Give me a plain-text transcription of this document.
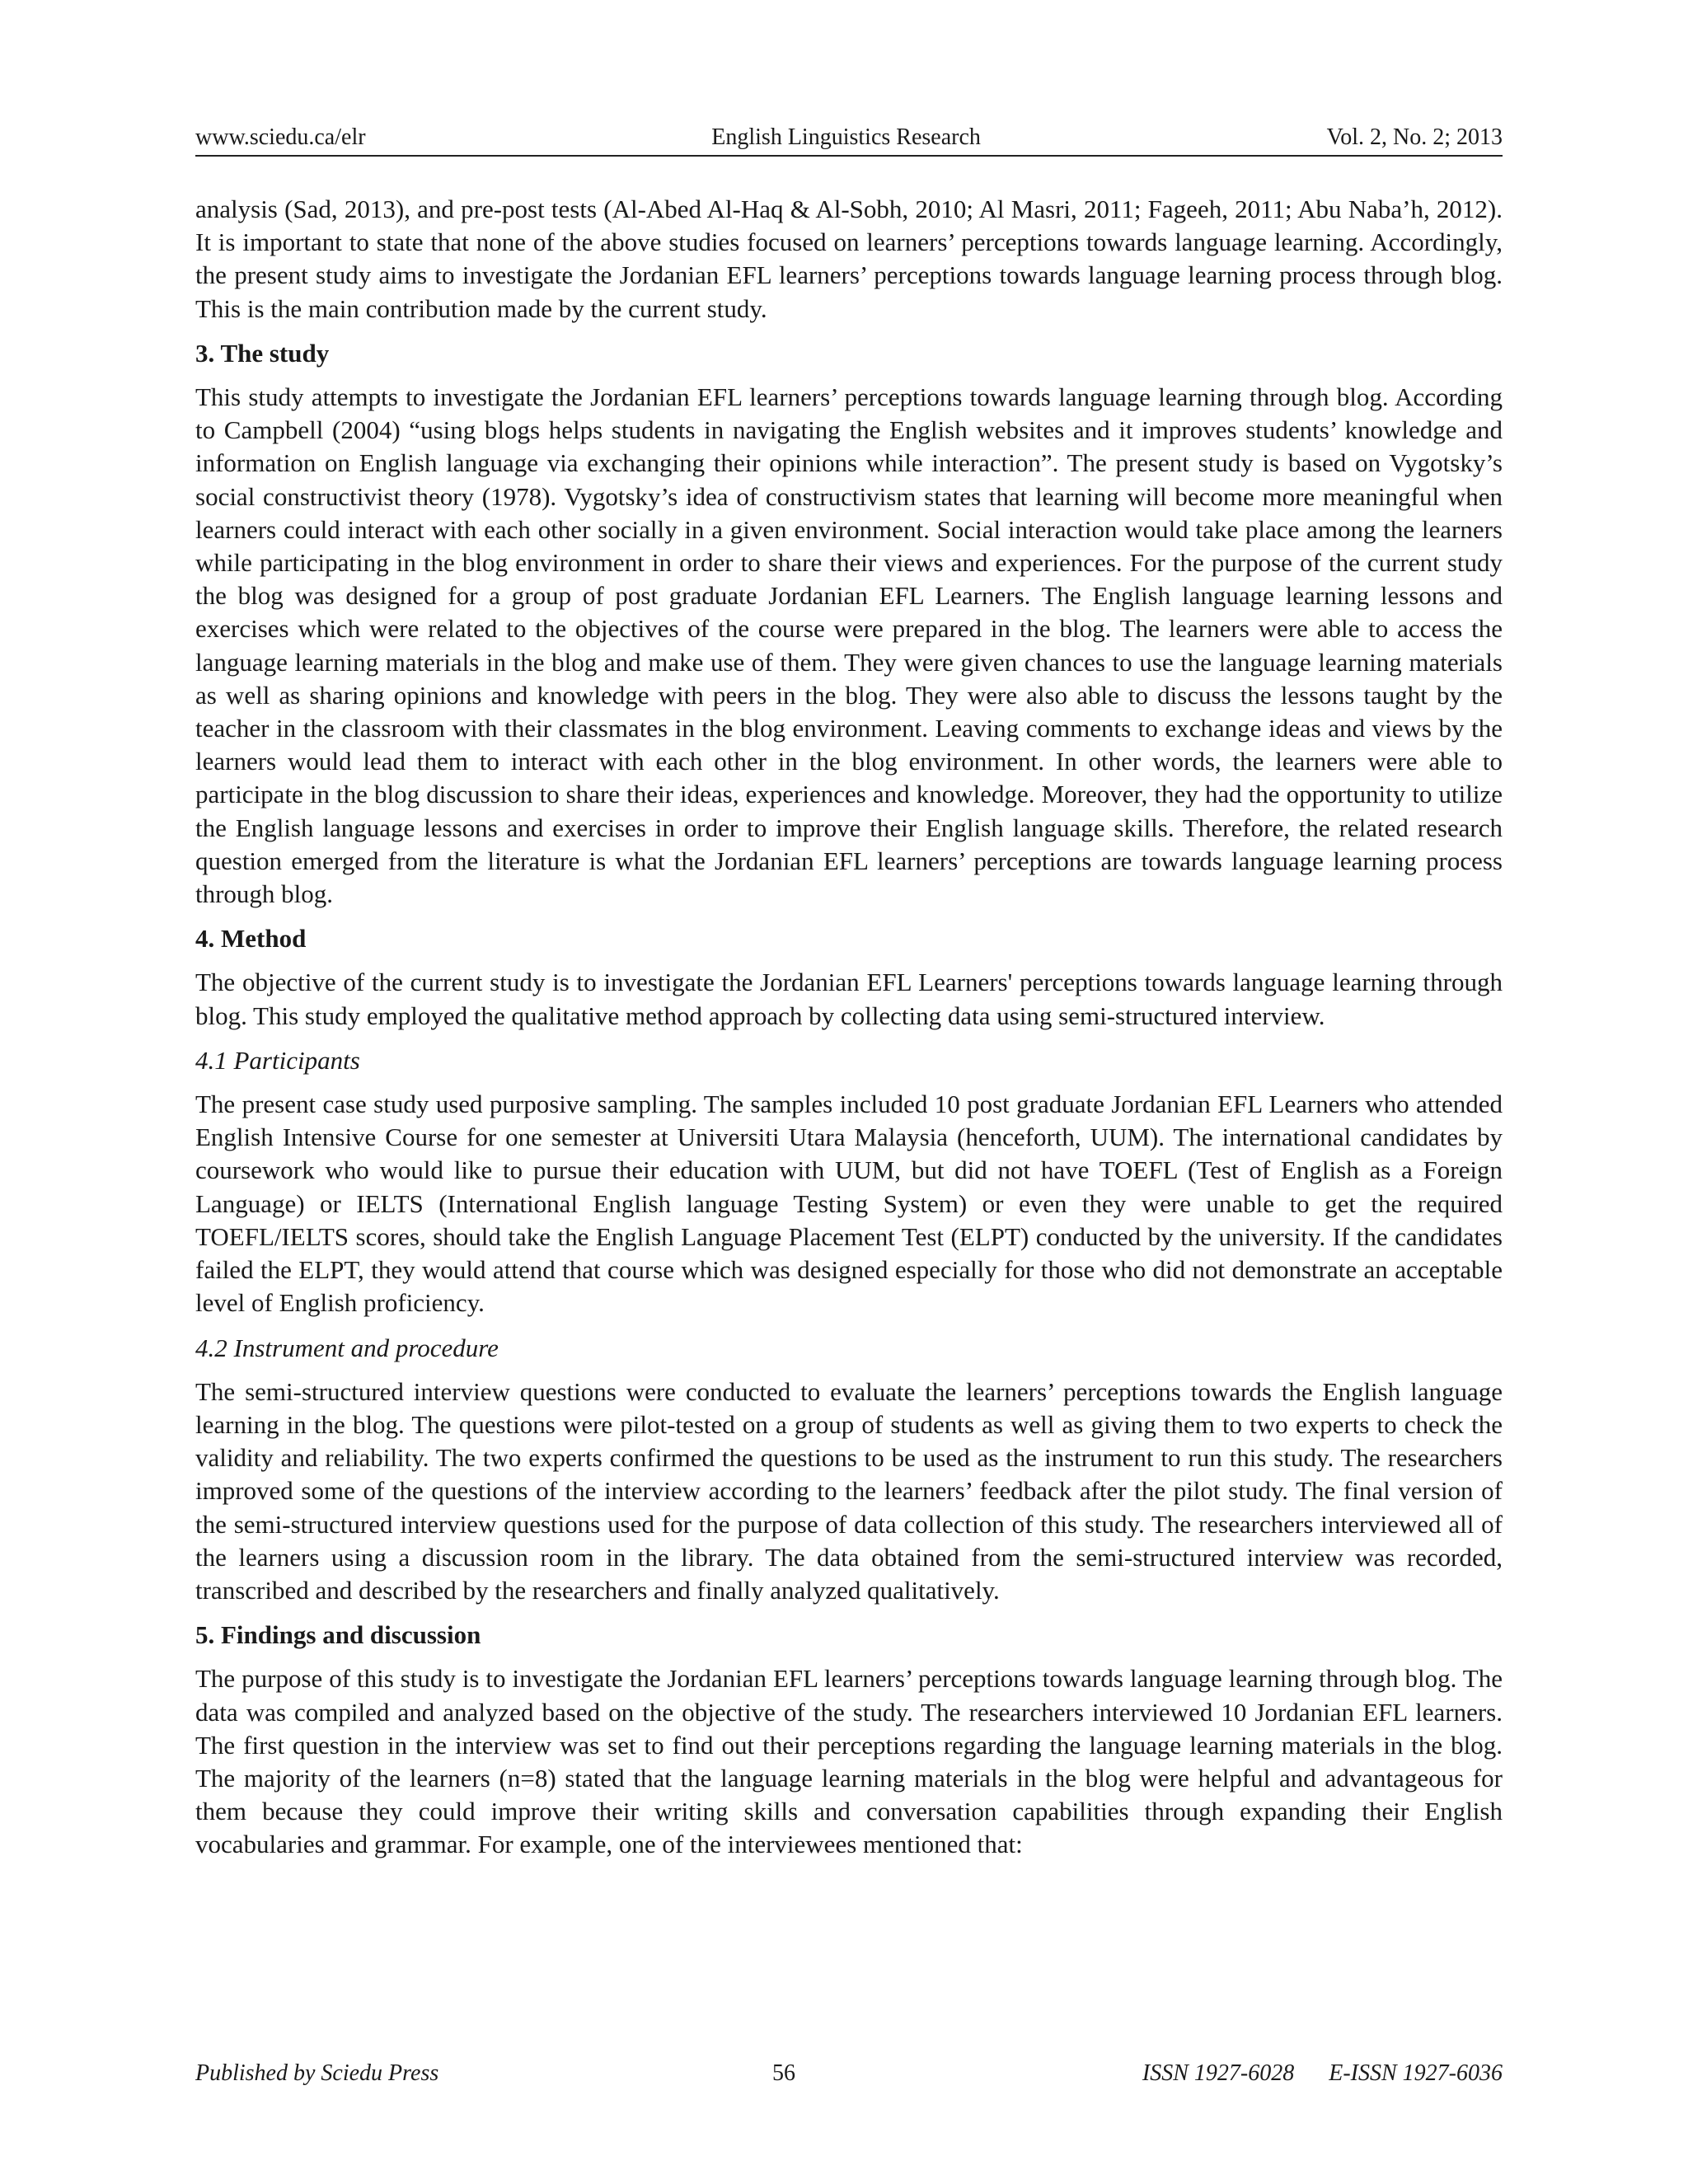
www.sciedu.ca/elr	English Linguistics Research	Vol. 2, No. 2; 2013

analysis (Sad, 2013), and pre-post tests (Al-Abed Al-Haq & Al-Sobh, 2010; Al Masri, 2011; Fageeh, 2011; Abu Naba’h, 2012). It is important to state that none of the above studies focused on learners’ perceptions towards language learning. Accordingly, the present study aims to investigate the Jordanian EFL learners’ perceptions towards language learning process through blog. This is the main contribution made by the current study.

3. The study

This study attempts to investigate the Jordanian EFL learners’ perceptions towards language learning through blog. According to Campbell (2004) “using blogs helps students in navigating the English websites and it improves students’ knowledge and information on English language via exchanging their opinions while interaction”. The present study is based on Vygotsky’s social constructivist theory (1978). Vygotsky’s idea of constructivism states that learning will become more meaningful when learners could interact with each other socially in a given environment. Social interaction would take place among the learners while participating in the blog environment in order to share their views and experiences. For the purpose of the current study the blog was designed for a group of post graduate Jordanian EFL Learners. The English language learning lessons and exercises which were related to the objectives of the course were prepared in the blog. The learners were able to access the language learning materials in the blog and make use of them. They were given chances to use the language learning materials as well as sharing opinions and knowledge with peers in the blog. They were also able to discuss the lessons taught by the teacher in the classroom with their classmates in the blog environment. Leaving comments to exchange ideas and views by the learners would lead them to interact with each other in the blog environment. In other words, the learners were able to participate in the blog discussion to share their ideas, experiences and knowledge. Moreover, they had the opportunity to utilize the English language lessons and exercises in order to improve their English language skills. Therefore, the related research question emerged from the literature is what the Jordanian EFL learners’ perceptions are towards language learning process through blog.

4. Method

The objective of the current study is to investigate the Jordanian EFL Learners' perceptions towards language learning through blog. This study employed the qualitative method approach by collecting data using semi-structured interview.

4.1 Participants

The present case study used purposive sampling. The samples included 10 post graduate Jordanian EFL Learners who attended English Intensive Course for one semester at Universiti Utara Malaysia (henceforth, UUM). The international candidates by coursework who would like to pursue their education with UUM, but did not have TOEFL (Test of English as a Foreign Language) or IELTS (International English language Testing System) or even they were unable to get the required TOEFL/IELTS scores, should take the English Language Placement Test (ELPT) conducted by the university. If the candidates failed the ELPT, they would attend that course which was designed especially for those who did not demonstrate an acceptable level of English proficiency.

4.2 Instrument and procedure

The semi-structured interview questions were conducted to evaluate the learners’ perceptions towards the English language learning in the blog. The questions were pilot-tested on a group of students as well as giving them to two experts to check the validity and reliability. The two experts confirmed the questions to be used as the instrument to run this study. The researchers improved some of the questions of the interview according to the learners’ feedback after the pilot study. The final version of the semi-structured interview questions used for the purpose of data collection of this study. The researchers interviewed all of the learners using a discussion room in the library. The data obtained from the semi-structured interview was recorded, transcribed and described by the researchers and finally analyzed qualitatively.

5. Findings and discussion

The purpose of this study is to investigate the Jordanian EFL learners’ perceptions towards language learning through blog. The data was compiled and analyzed based on the objective of the study. The researchers interviewed 10 Jordanian EFL learners. The first question in the interview was set to find out their perceptions regarding the language learning materials in the blog. The majority of the learners (n=8) stated that the language learning materials in the blog were helpful and advantageous for them because they could improve their writing skills and conversation capabilities through expanding their English vocabularies and grammar. For example, one of the interviewees mentioned that:

Published by Sciedu Press	56	ISSN 1927-6028      E-ISSN 1927-6036
